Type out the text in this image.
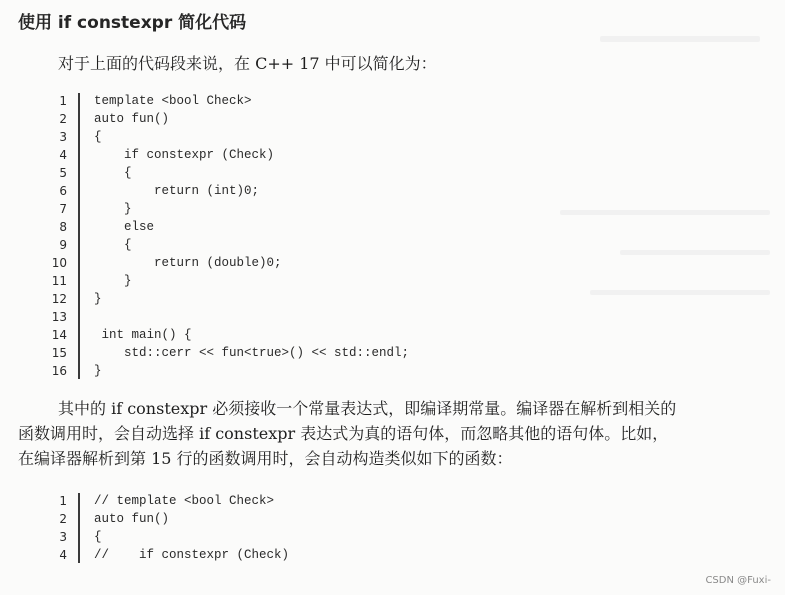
使用 if constexpr 简化代码
对于上面的代码段来说，在 C++ 17 中可以简化为：
1 template <bool Check>
2 auto fun()
3 {
4 if constexpr (Check)
5 {
6 return (int)0;
7 }
8 else
9 {
10 return (double)0;
11 }
12 }
13
14 int main() {
15 std::cerr << fun<true>() << std::endl;
16 }

其中的 if constexpr 必须接收一个常量表达式，即编译期常量。编译器在解析到相关的

函数调用时，会自动选择 if constexpr 表达式为真的语句体，而忽略其他的语句体。比如，

在编译器解析到第 15 行的函数调用时，会自动构造类似如下的函数：

1 // template <bool Check>
2 auto fun()
3 {
4 //    if constexpr (Check)
CSDN @Fuxi-
